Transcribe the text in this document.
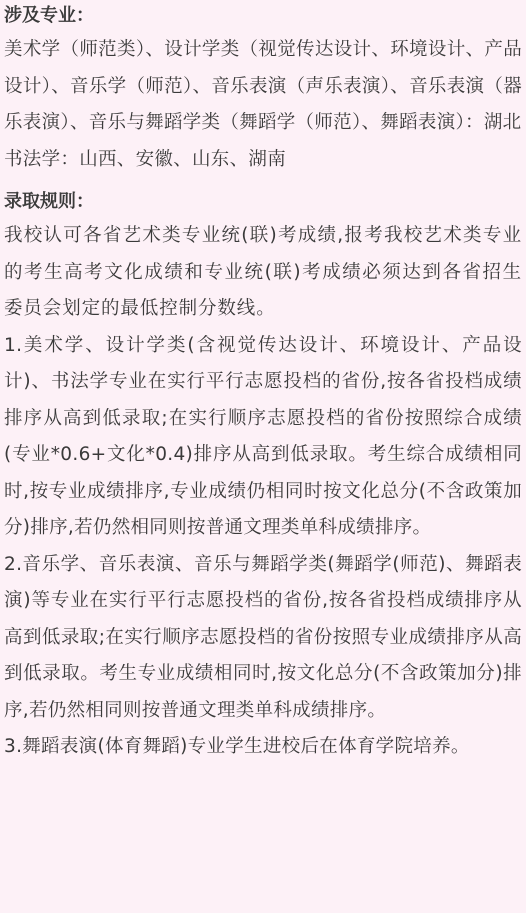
涉及专业：

美术学（师范类）、设计学类（视觉传达设计、环境设计、产品设计）、音乐学（师范）、音乐表演（声乐表演）、音乐表演（器乐表演）、音乐与舞蹈学类（舞蹈学（师范）、舞蹈表演）：湖北

书法学：山西、安徽、山东、湖南

录取规则：

我校认可各省艺术类专业统(联)考成绩,报考我校艺术类专业的考生高考文化成绩和专业统(联)考成绩必须达到各省招生委员会划定的最低控制分数线。

1.美术学、设计学类(含视觉传达设计、环境设计、产品设计)、书法学专业在实行平行志愿投档的省份,按各省投档成绩排序从高到低录取;在实行顺序志愿投档的省份按照综合成绩(专业*0.6+文化*0.4)排序从高到低录取。考生综合成绩相同时,按专业成绩排序,专业成绩仍相同时按文化总分(不含政策加分)排序,若仍然相同则按普通文理类单科成绩排序。

2.音乐学、音乐表演、音乐与舞蹈学类(舞蹈学(师范)、舞蹈表演)等专业在实行平行志愿投档的省份,按各省投档成绩排序从高到低录取;在实行顺序志愿投档的省份按照专业成绩排序从高到低录取。考生专业成绩相同时,按文化总分(不含政策加分)排序,若仍然相同则按普通文理类单科成绩排序。

3.舞蹈表演(体育舞蹈)专业学生进校后在体育学院培养。
